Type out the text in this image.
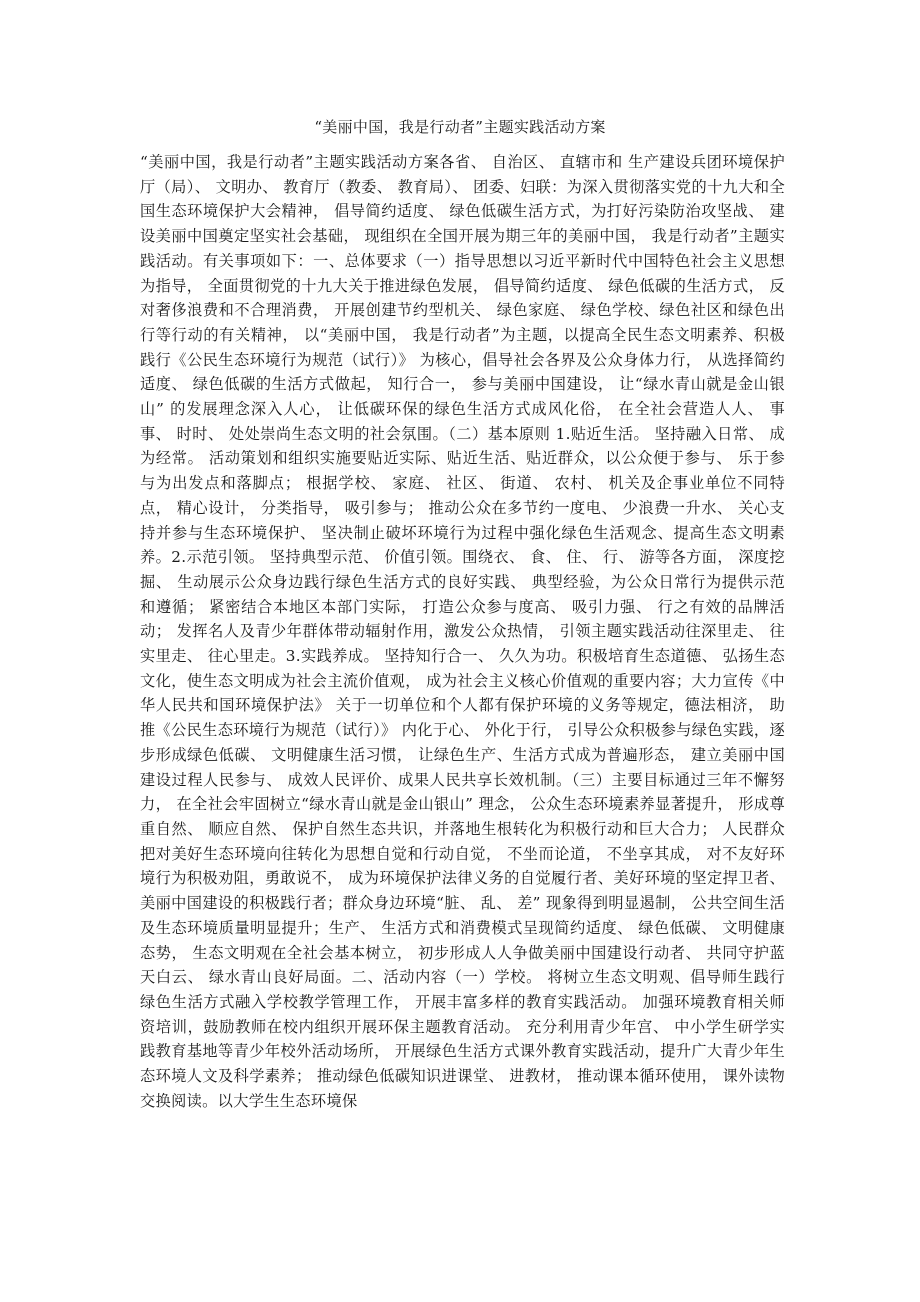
“美丽中国，我是行动者”主题实践活动方案

“美丽中国，我是行动者”主题实践活动方案各省、 自治区、 直辖市和 生产建设兵团环境保护厅（局）、 文明办、 教育厅（教委、 教育局）、 团委、妇联：为深入贯彻落实党的十九大和全国生态环境保护大会精神， 倡导简约适度、 绿色低碳生活方式，为打好污染防治攻坚战、 建设美丽中国奠定坚实社会基础， 现组织在全国开展为期三年的美丽中国， 我是行动者”主题实践活动。有关事项如下：一、总体要求（一）指导思想以习近平新时代中国特色社会主义思想为指导， 全面贯彻党的十九大关于推进绿色发展， 倡导简约适度、 绿色低碳的生活方式， 反对奢侈浪费和不合理消费， 开展创建节约型机关、 绿色家庭、 绿色学校、绿色社区和绿色出行等行动的有关精神， 以“美丽中国， 我是行动者”为主题，以提高全民生态文明素养、积极践行《公民生态环境行为规范（试行）》 为核心，倡导社会各界及公众身体力行， 从选择简约适度、 绿色低碳的生活方式做起， 知行合一， 参与美丽中国建设， 让“绿水青山就是金山银山” 的发展理念深入人心， 让低碳环保的绿色生活方式成风化俗， 在全社会营造人人、 事事、 时时、 处处崇尚生态文明的社会氛围。（二）基本原则 1.贴近生活。 坚持融入日常、 成为经常。 活动策划和组织实施要贴近实际、贴近生活、贴近群众，以公众便于参与、 乐于参与为出发点和落脚点； 根据学校、 家庭、 社区、 街道、 农村、 机关及企事业单位不同特点， 精心设计， 分类指导， 吸引参与； 推动公众在多节约一度电、 少浪费一升水、 关心支持并参与生态环境保护、 坚决制止破坏环境行为过程中强化绿色生活观念、提高生态文明素养。2.示范引领。 坚持典型示范、 价值引领。围绕衣、 食、 住、 行、 游等各方面， 深度挖掘、 生动展示公众身边践行绿色生活方式的良好实践、 典型经验，为公众日常行为提供示范和遵循； 紧密结合本地区本部门实际， 打造公众参与度高、 吸引力强、 行之有效的品牌活动； 发挥名人及青少年群体带动辐射作用，激发公众热情， 引领主题实践活动往深里走、 往实里走、 往心里走。3.实践养成。 坚持知行合一、 久久为功。积极培育生态道德、 弘扬生态文化，使生态文明成为社会主流价值观， 成为社会主义核心价值观的重要内容；大力宣传《中华人民共和国环境保护法》 关于一切单位和个人都有保护环境的义务等规定，德法相济， 助推《公民生态环境行为规范（试行）》 内化于心、 外化于行， 引导公众积极参与绿色实践，逐步形成绿色低碳、 文明健康生活习惯， 让绿色生产、生活方式成为普遍形态， 建立美丽中国建设过程人民参与、 成效人民评价、成果人民共享长效机制。（三）主要目标通过三年不懈努力， 在全社会牢固树立“绿水青山就是金山银山” 理念， 公众生态环境素养显著提升， 形成尊重自然、 顺应自然、 保护自然生态共识，并落地生根转化为积极行动和巨大合力； 人民群众把对美好生态环境向往转化为思想自觉和行动自觉， 不坐而论道， 不坐享其成， 对不友好环境行为积极劝阻，勇敢说不， 成为环境保护法律义务的自觉履行者、美好环境的坚定捍卫者、 美丽中国建设的积极践行者；群众身边环境“脏、 乱、 差” 现象得到明显遏制， 公共空间生活及生态环境质量明显提升；生产、 生活方式和消费模式呈现简约适度、 绿色低碳、 文明健康态势， 生态文明观在全社会基本树立， 初步形成人人争做美丽中国建设行动者、 共同守护蓝天白云、 绿水青山良好局面。二、活动内容（一）学校。 将树立生态文明观、倡导师生践行绿色生活方式融入学校教学管理工作， 开展丰富多样的教育实践活动。 加强环境教育相关师资培训，鼓励教师在校内组织开展环保主题教育活动。 充分利用青少年宫、 中小学生研学实践教育基地等青少年校外活动场所， 开展绿色生活方式课外教育实践活动，提升广大青少年生态环境人文及科学素养； 推动绿色低碳知识进课堂、 进教材， 推动课本循环使用， 课外读物交换阅读。以大学生生态环境保
